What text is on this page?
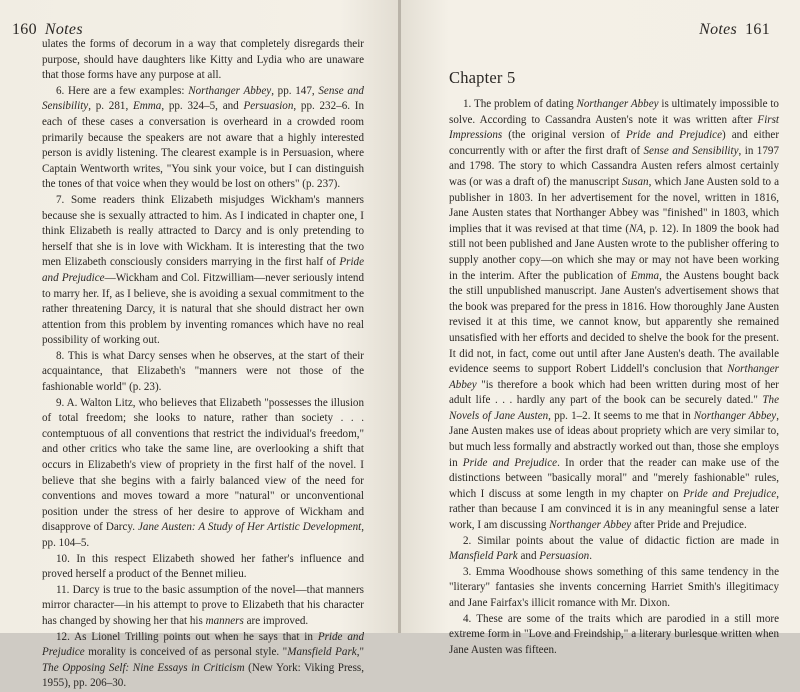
160 Notes

ulates the forms of decorum in a way that completely disregards their purpose, should have daughters like Kitty and Lydia who are unaware that those forms have any purpose at all.

6. Here are a few examples: Northanger Abbey, pp. 147, Sense and Sensibility, p. 281, Emma, pp. 324–5, and Persuasion, pp. 232–6. In each of these cases a conversation is overheard in a crowded room primarily because the speakers are not aware that a highly interested person is avidly listening. The clearest example is in Persuasion, where Captain Wentworth writes, "You sink your voice, but I can distinguish the tones of that voice when they would be lost on others" (p. 237).

7. Some readers think Elizabeth misjudges Wickham's manners because she is sexually attracted to him. As I indicated in chapter one, I think Elizabeth is really attracted to Darcy and is only pretending to herself that she is in love with Wickham. It is interesting that the two men Elizabeth consciously considers marrying in the first half of Pride and Prejudice—Wickham and Col. Fitzwilliam—never seriously intend to marry her. If, as I believe, she is avoiding a sexual commitment to the rather threatening Darcy, it is natural that she should distract her own attention from this problem by inventing romances which have no real possibility of working out.

8. This is what Darcy senses when he observes, at the start of their acquaintance, that Elizabeth's "manners were not those of the fashionable world" (p. 23).

9. A. Walton Litz, who believes that Elizabeth "possesses the illusion of total freedom; she looks to nature, rather than society . . . contemptuous of all conventions that restrict the individual's freedom," and other critics who take the same line, are overlooking a shift that occurs in Elizabeth's view of propriety in the first half of the novel. I believe that she begins with a fairly balanced view of the need for conventions and moves toward a more "natural" or unconventional position under the stress of her desire to approve of Wickham and disapprove of Darcy. Jane Austen: A Study of Her Artistic Development, pp. 104–5.

10. In this respect Elizabeth showed her father's influence and proved herself a product of the Bennet milieu.

11. Darcy is true to the basic assumption of the novel—that manners mirror character—in his attempt to prove to Elizabeth that his character has changed by showing her that his manners are improved.

12. As Lionel Trilling points out when he says that in Pride and Prejudice morality is conceived of as personal style. "Mansfield Park," The Opposing Self: Nine Essays in Criticism (New York: Viking Press, 1955), pp. 206–30.

Notes 161
Chapter 5

1. The problem of dating Northanger Abbey is ultimately impossible to solve. According to Cassandra Austen's note it was written after First Impressions (the original version of Pride and Prejudice) and either concurrently with or after the first draft of Sense and Sensibility, in 1797 and 1798. The story to which Cassandra Austen refers almost certainly was (or was a draft of) the manuscript Susan, which Jane Austen sold to a publisher in 1803. In her advertisement for the novel, written in 1816, Jane Austen states that Northanger Abbey was "finished" in 1803, which implies that it was revised at that time (NA, p. 12). In 1809 the book had still not been published and Jane Austen wrote to the publisher offering to supply another copy—on which she may or may not have been working in the interim. After the publication of Emma, the Austens bought back the still unpublished manuscript. Jane Austen's advertisement shows that the book was prepared for the press in 1816. How thoroughly Jane Austen revised it at this time, we cannot know, but apparently she remained unsatisfied with her efforts and decided to shelve the book for the present. It did not, in fact, come out until after Jane Austen's death. The available evidence seems to support Robert Liddell's conclusion that Northanger Abbey "is therefore a book which had been written during most of her adult life . . . hardly any part of the book can be securely dated." The Novels of Jane Austen, pp. 1–2. It seems to me that in Northanger Abbey, Jane Austen makes use of ideas about propriety which are very similar to, but much less formally and abstractly worked out than, those she employs in Pride and Prejudice. In order that the reader can make use of the distinctions between "basically moral" and "merely fashionable" rules, which I discuss at some length in my chapter on Pride and Prejudice, rather than because I am convinced it is in any meaningful sense a later work, I am discussing Northanger Abbey after Pride and Prejudice.

2. Similar points about the value of didactic fiction are made in Mansfield Park and Persuasion.

3. Emma Woodhouse shows something of this same tendency in the "literary" fantasies she invents concerning Harriet Smith's illegitimacy and Jane Fairfax's illicit romance with Mr. Dixon.

4. These are some of the traits which are parodied in a still more extreme form in "Love and Freindship," a literary burlesque written when Jane Austen was fifteen.
